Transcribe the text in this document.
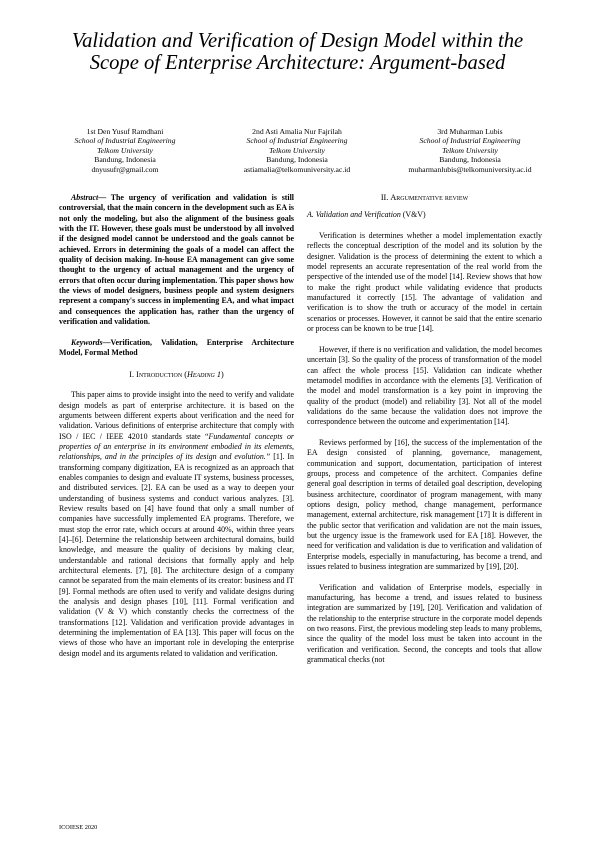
Validation and Verification of Design Model within the Scope of Enterprise Architecture: Argument-based
1st Den Yusuf Ramdhani
School of Industrial Engineering
Telkom University
Bandung, Indonesia
dnyusufr@gmail.com
2nd Asti Amalia Nur Fajrilah
School of Industrial Engineering
Telkom University
Bandung, Indonesia
astiamalia@telkomuniversity.ac.id
3rd Muharman Lubis
School of Industrial Engineering
Telkom University
Bandung, Indonesia
muharmanlubis@telkomuniversity.ac.id

Abstract— The urgency of verification and validation is still controversial, that the main concern in the development such as EA is not only the modeling, but also the alignment of the business goals with the IT. However, these goals must be understood by all involved if the designed model cannot be understood and the goals cannot be achieved. Errors in determining the goals of a model can affect the quality of decision making. In-house EA management can give some thought to the urgency of actual management and the urgency of errors that often occur during implementation. This paper shows how the views of model designers, business people and system designers represent a company's success in implementing EA, and what impact and consequences the application has, rather than the urgency of verification and validation.

Keywords—Verification, Validation, Enterprise Architecture Model, Formal Method

I. Introduction (Heading 1)

This paper aims to provide insight into the need to verify and validate design models as part of enterprise architecture. it is based on the arguments between different experts about verification and the need for validation. Various definitions of enterprise architecture that comply with ISO / IEC / IEEE 42010 standards state “Fundamental concepts or properties of an enterprise in its environment embodied in its elements, relationships, and in the principles of its design and evolution.” [1]. In transforming company digitization, EA is recognized as an approach that enables companies to design and evaluate IT systems, business processes, and distributed services. [2]. EA can be used as a way to deepen your understanding of business systems and conduct various analyzes. [3]. Review results based on [4] have found that only a small number of companies have successfully implemented EA programs. Therefore, we must stop the error rate, which occurs at around 40%, within three years [4]–[6]. Determine the relationship between architectural domains, build knowledge, and measure the quality of decisions by making clear, understandable and rational decisions that formally apply and help architectural elements. [7], [8]. The architecture design of a company cannot be separated from the main elements of its creator: business and IT [9]. Formal methods are often used to verify and validate designs during the analysis and design phases [10], [11]. Formal verification and validation (V & V) which constantly checks the correctness of the transformations [12]. Validation and verification provide advantages in determining the implementation of EA [13]. This paper will focus on the views of those who have an important role in developing the enterprise design model and its arguments related to validation and verification.

II. Argumentative review

A. Validation and Verification (V&V)

Verification is determines whether a model implementation exactly reflects the conceptual description of the model and its solution by the designer. Validation is the process of determining the extent to which a model represents an accurate representation of the real world from the perspective of the intended use of the model [14]. Review shows that how to make the right product while validating evidence that products manufactured it correctly [15]. The advantage of validation and verification is to show the truth or accuracy of the model in certain scenarios or processes. However, it cannot be said that the entire scenario or process can be known to be true [14].

However, if there is no verification and validation, the model becomes uncertain [3]. So the quality of the process of transformation of the model can affect the whole process [15]. Validation can indicate whether metamodel modifies in accordance with the elements [3]. Verification of the model and model transformation is a key point in improving the quality of the product (model) and reliability [3]. Not all of the model validations do the same because the validation does not improve the correspondence between the outcome and experimentation [14].

Reviews performed by [16], the success of the implementation of the EA design consisted of planning, governance, management, communication and support, documentation, participation of interest groups, process and competence of the architect. Companies define general goal description in terms of detailed goal description, developing business architecture, coordinator of program management, with many options design, policy method, change management, performance management, external architecture, risk management [17] It is different in the public sector that verification and validation are not the main issues, but the urgency issue is the framework used for EA [18]. However, the need for verification and validation is due to verification and validation of Enterprise models, especially in manufacturing, has become a trend, and issues related to business integration are summarized by [19], [20].

Verification and validation of Enterprise models, especially in manufacturing, has become a trend, and issues related to business integration are summarized by [19], [20]. Verification and validation of the relationship to the enterprise structure in the corporate model depends on two reasons. First, the previous modeling step leads to many problems, since the quality of the model loss must be taken into account in the verification and verification. Second, the concepts and tools that allow grammatical checks (not

ICOIESE 2020
